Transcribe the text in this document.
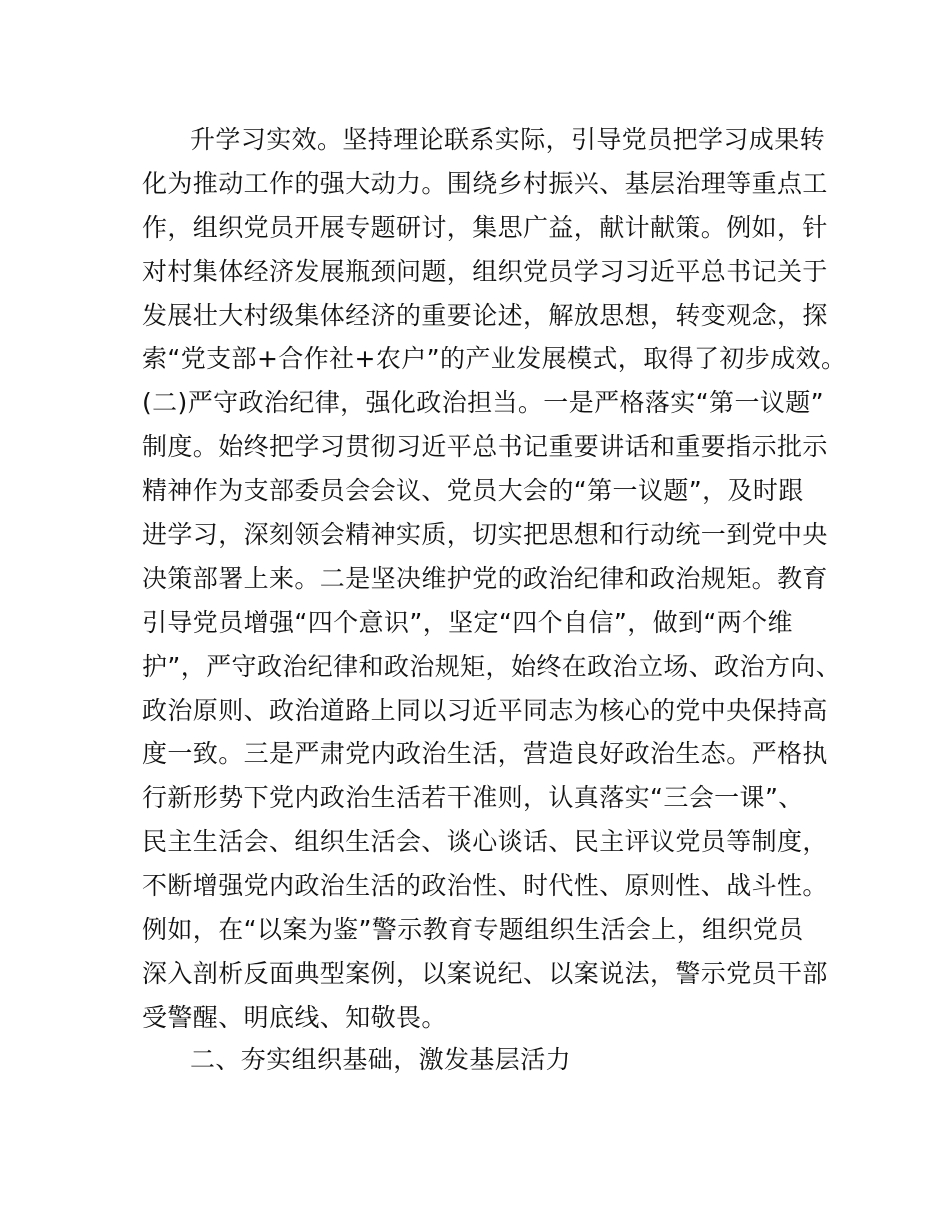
升学习实效。坚持理论联系实际，引导党员把学习成果转
化为推动工作的强大动力。围绕乡村振兴、基层治理等重点工
作，组织党员开展专题研讨，集思广益，献计献策。例如，针
对村集体经济发展瓶颈问题，组织党员学习习近平总书记关于
发展壮大村级集体经济的重要论述，解放思想，转变观念，探
索“党支部+合作社+农户”的产业发展模式，取得了初步成效。
(二)严守政治纪律，强化政治担当。一是严格落实“第一议题”
制度。始终把学习贯彻习近平总书记重要讲话和重要指示批示
精神作为支部委员会会议、党员大会的“第一议题”，及时跟
进学习，深刻领会精神实质，切实把思想和行动统一到党中央
决策部署上来。二是坚决维护党的政治纪律和政治规矩。教育
引导党员增强“四个意识”，坚定“四个自信”，做到“两个维
护”，严守政治纪律和政治规矩，始终在政治立场、政治方向、
政治原则、政治道路上同以习近平同志为核心的党中央保持高
度一致。三是严肃党内政治生活，营造良好政治生态。严格执
行新形势下党内政治生活若干准则，认真落实“三会一课”、
民主生活会、组织生活会、谈心谈话、民主评议党员等制度，
不断增强党内政治生活的政治性、时代性、原则性、战斗性。
例如，在“以案为鉴”警示教育专题组织生活会上，组织党员
深入剖析反面典型案例，以案说纪、以案说法，警示党员干部
受警醒、明底线、知敬畏。
二、夯实组织基础，激发基层活力
